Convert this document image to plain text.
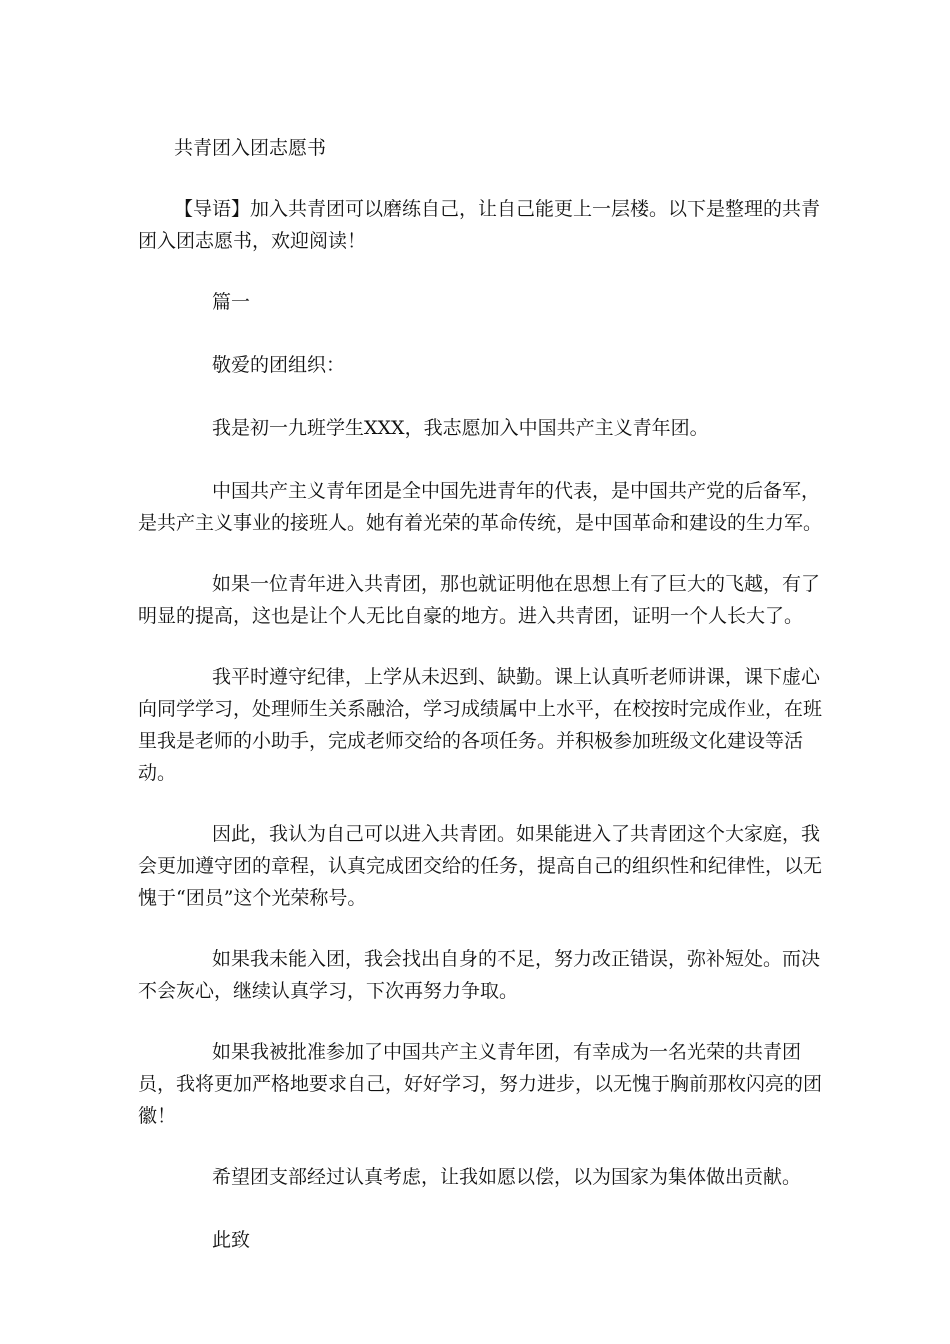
共青团入团志愿书

【导语】加入共青团可以磨练自己，让自己能更上一层楼。以下是整理的共青团入团志愿书，欢迎阅读！

篇一

敬爱的团组织：

我是初一九班学生XXX，我志愿加入中国共产主义青年团。

中国共产主义青年团是全中国先进青年的代表，是中国共产党的后备军，是共产主义事业的接班人。她有着光荣的革命传统，是中国革命和建设的生力军。

如果一位青年进入共青团，那也就证明他在思想上有了巨大的飞越，有了明显的提高，这也是让个人无比自豪的地方。进入共青团，证明一个人长大了。

我平时遵守纪律，上学从未迟到、缺勤。课上认真听老师讲课，课下虚心向同学学习，处理师生关系融洽，学习成绩属中上水平，在校按时完成作业，在班里我是老师的小助手，完成老师交给的各项任务。并积极参加班级文化建设等活动。

因此，我认为自己可以进入共青团。如果能进入了共青团这个大家庭，我会更加遵守团的章程，认真完成团交给的任务，提高自己的组织性和纪律性，以无愧于“团员”这个光荣称号。

如果我未能入团，我会找出自身的不足，努力改正错误，弥补短处。而决不会灰心，继续认真学习，下次再努力争取。

如果我被批准参加了中国共产主义青年团，有幸成为一名光荣的共青团员，我将更加严格地要求自己，好好学习，努力进步，以无愧于胸前那枚闪亮的团徽！

希望团支部经过认真考虑，让我如愿以偿，以为国家为集体做出贡献。

此致
